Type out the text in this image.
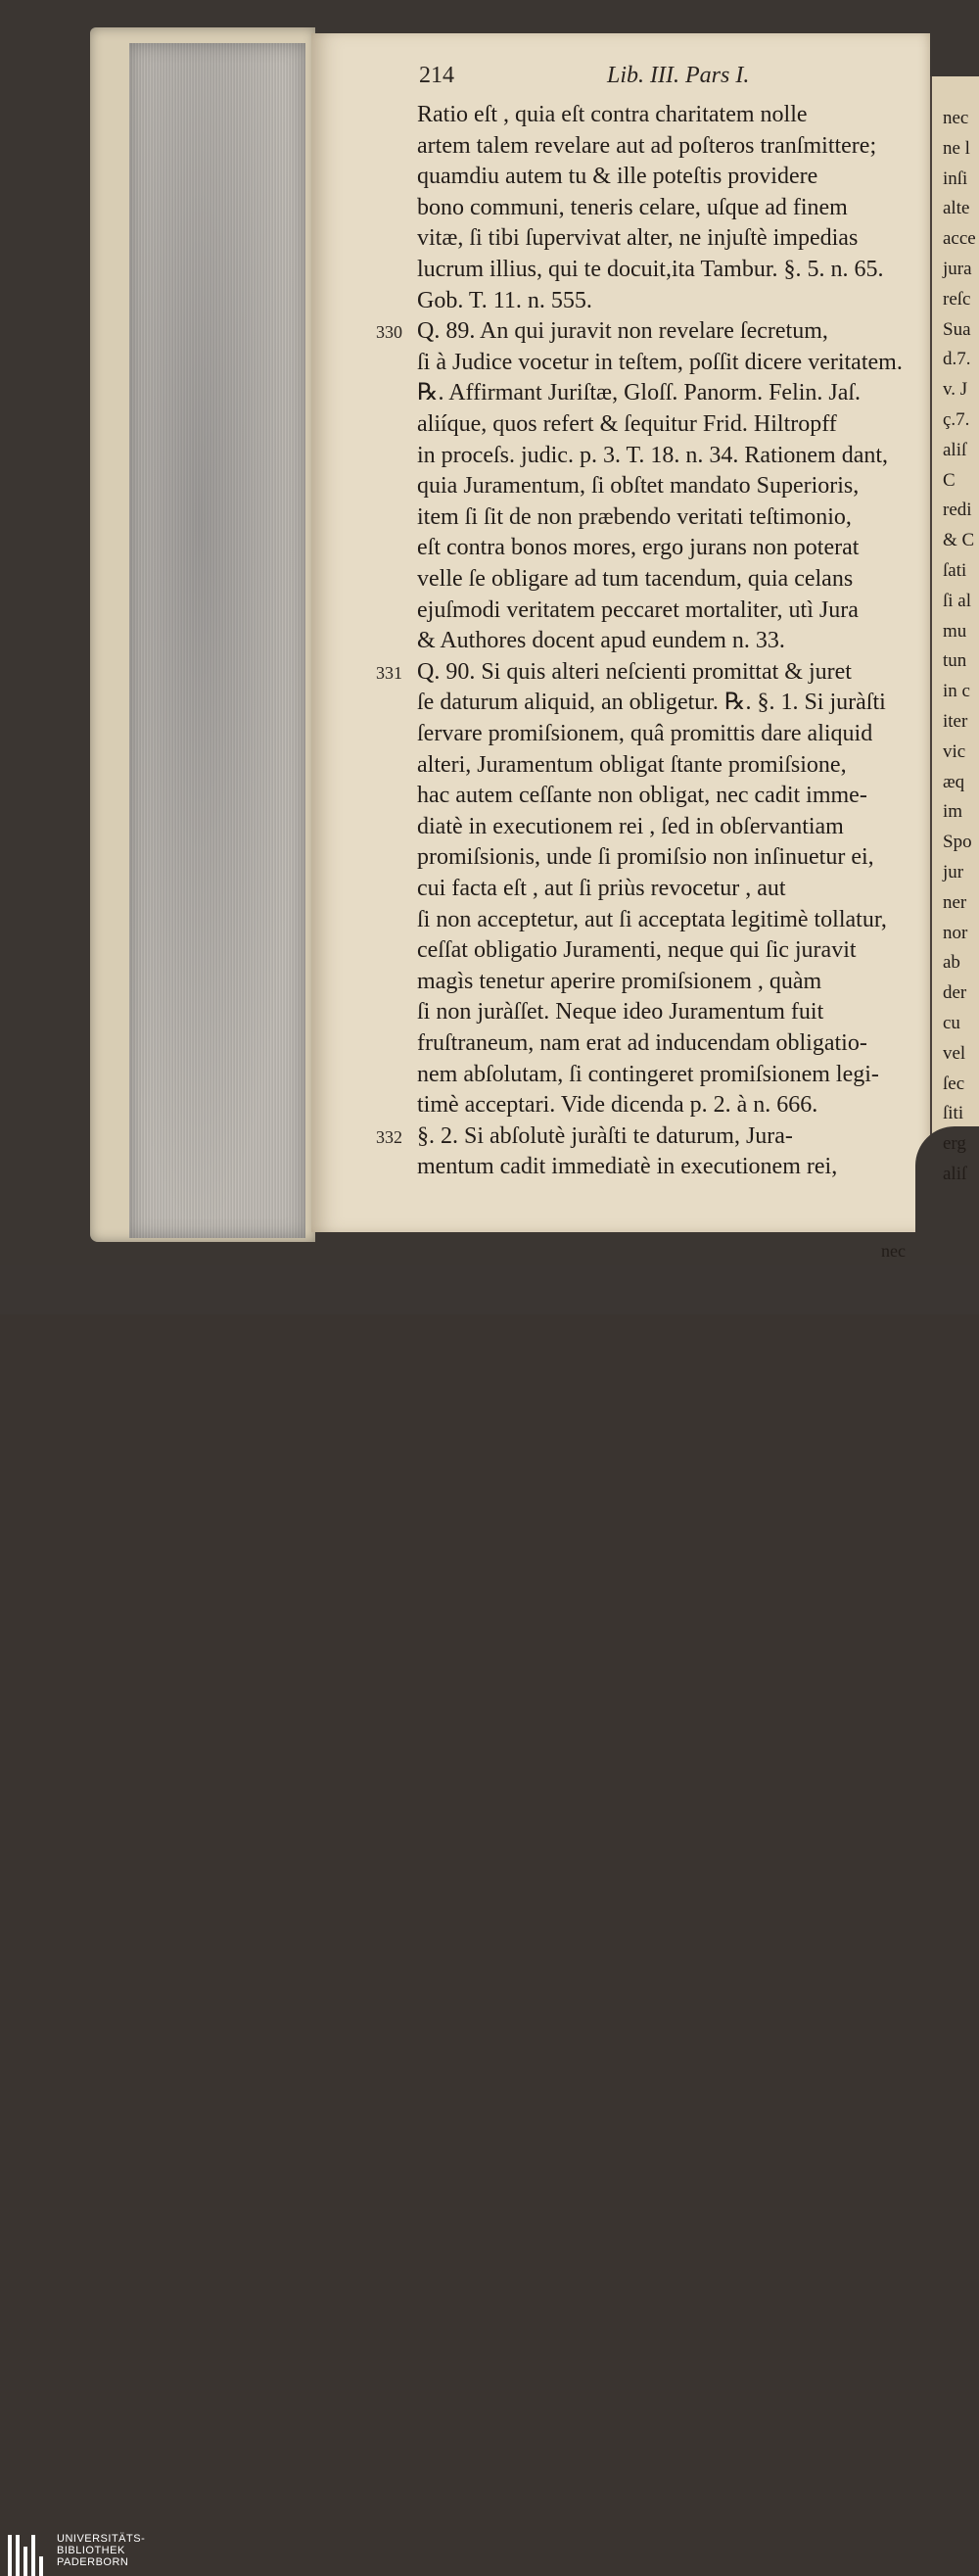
214	Lib. III. Pars I.
nec
Ratio eſt , quia eſt contra charitatem nolle
artem talem revelare aut ad poſteros tranſmittere;
quamdiu autem tu & ille poteſtis providere
bono communi, teneris celare, uſque ad finem
vitæ, ſi tibi ſupervivat alter, ne injuſtè impedias
lucrum illius, qui te docuit,ita Tambur. §. 5. n. 65.
Gob. T. 11. n. 555.
Q. 89. An qui juravit non revelare ſecretum,
330
ſi à Judice vocetur in teſtem, poſſit dicere veritatem.
℞. Affirmant Juriſtæ, Gloſſ. Panorm. Felin. Jaſ.
aliíque, quos refert & ſequitur Frid. Hiltropff
in proceſs. judic. p. 3. T. 18. n. 34. Rationem dant,
quia Juramentum, ſi obſtet mandato Superioris,
item ſi ſit de non præbendo veritati teſtimonio,
eſt contra bonos mores, ergo jurans non poterat
velle ſe obligare ad tum tacendum, quia celans
ejuſmodi veritatem peccaret mortaliter, utì Jura
& Authores docent apud eundem n. 33.
Q. 90. Si quis alteri neſcienti promittat & juret
331
ſe daturum aliquid, an obligetur. ℞. §. 1. Si juràſti
ſervare promiſsionem, quâ promittis dare aliquid
alteri, Juramentum obligat ſtante promiſsione,
hac autem ceſſante non obligat, nec cadit imme-
diatè in executionem rei , ſed in obſervantiam
promiſsionis, unde ſi promiſsio non inſinuetur ei,
cui facta eſt , aut ſi priùs revocetur , aut
ſi non acceptetur, aut ſi acceptata legitimè tollatur,
ceſſat obligatio Juramenti, neque qui ſic juravit
magìs tenetur aperire promiſsionem , quàm
ſi non juràſſet. Neque ideo Juramentum fuit
fruſtraneum, nam erat ad inducendam obligatio-
nem abſolutam, ſi contingeret promiſsionem legi-
timè acceptari. Vide dicenda p. 2. à n. 666.
§. 2. Si abſolutè juràſti te daturum, Jura-
332
mentum cadit immediatè in executionem rei,
nec
ne l
inſi
alte
acce
jura
reſc
Sua
d.7.
v. J
ç.7.
aliſ
C
redi
& C
ſati
ſi al
mu
tun
in c
iter
vic
æq
im
Spo
jur
ner
nor
ab
der
cu
vel
ſec
ſiti
erg
aliſ
UNIVERSITÄTS-
BIBLIOTHEK
PADERBORN
